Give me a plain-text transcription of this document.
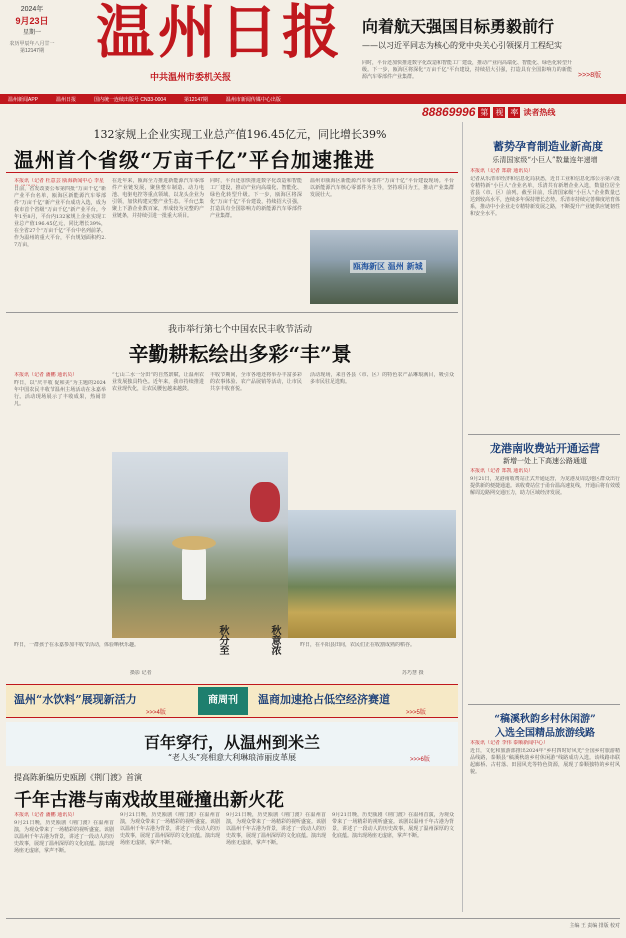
2024年
9月23日
星期一
农历甲辰年八月廿一
第12147期 温州日报
中共温州市委机关报
向着航天强国目标勇毅前行
——以习近平同志为核心的党中央关心引领探月工程纪实
同时，平台还加快推进数字化改造和智能工厂建设，推动产业向高端化、智能化、绿色化转型升级。下一步，瓯海区将深化“万亩千亿”平台建设，持续招大引强，打造具有全国影响力的新能源汽车零部件产业集群。	>>>8版
温州新闻APP	温州日报	国内统一连续出版号 CN33-0004	第12147期	温州市新闻传媒中心出版
88869996 第 视 率 读者热线
132家规上企业实现工业总产值196.45亿元，同比增长39%
温州首个省级“万亩千亿”平台加速推进
本报讯（记者 杜意芸 瓯海新闻中心 李星
日前，省发改委公布第四批“万亩千亿”新产业平台名单，瓯海区新能源汽车零部件“万亩千亿”新产业平台成功入选，成为我市首个省级“万亩千亿”新产业平台。今年1至8月，平台内132家规上企业实现工业总产值196.45亿元，同比增长39%，在全省27个“万亩千亿”平台中名列前茅。作为温州的重大平台，平台规划面积约2.7万亩，
在近年来，瓯海全力推进新能源汽车零部件产业链发展，聚焦整车制造、动力电池、电驱电控等重点领域，以龙头企业为引领，加快构建完整产业生态。平台已集聚上下游企业数百家，形成较为完整的产业链条，并持续引进一批重大项目。
同时，平台还加快推进数字化改造和智能工厂建设，推动产业向高端化、智能化、绿色化转型升级。下一步，瓯海区将深化“万亩千亿”平台建设，持续招大引强，打造具有全国影响力的新能源汽车零部件产业集群。
温州市瓯海区新能源汽车零部件“万亩千亿”平台建设现场。平台以新能源汽车核心零部件为主导，坚持项目为王，推动产业集群发展壮大。
瓯海新区 温州 新城
蓄势孕育制造业新高度
乐清国家级“小巨人”数量连年递增
本报讯（记者 郑蔚 通讯员）
记者从乐清市经济和信息化局获悉，近日工业和信息化部公示第六批专精特新“小巨人”企业名单，乐清共有新增企业入选，数量位居全省县（市、区）前列。截至目前，乐清国家级“小巨人”企业数量已达到较高水平，连续多年保持增长态势。乐清市持续完善梯度培育体系，推动中小企业走专精特新发展之路，不断提升产业链供应链韧性和安全水平。
我市举行第七个中国农民丰收节活动
辛勤耕耘绘出多彩“丰”景
本报讯（记者 潘鹏 通讯员）
昨日，以“庆丰收 促和美”为主题的2024年中国农民丰收节温州主场活动在永嘉举行。活动现场展示了丰收成果，热闹非凡。
“七山二水一分田”的自然禀赋，让温州农业发展独具特色。近年来，我市持续推进农业现代化，让农民腰包越来越鼓。
丰收节期间，全市各地还将举办丰富多彩的农事体验、农产品展销等活动，让市民共享丰收喜悦。
活动现场，来自各县（市、区）的特色农产品琳琅满目，吸引众多市民驻足选购。
秋分至	秋意浓
昨日，一群孩子在永嘉参加丰收节活动，体验晒秋乐趣。
摄影 记者
昨日，在平阳县田间，农民们正在收割成熟的稻谷。
苏巧慧 摄
龙港南收费站开通运营
新增一处上下高速公路通道
本报讯（记者 郑凯 通讯员）
9月21日，龙港南收费站正式开通运营，为龙港及周边地区群众出行提供新的便捷通道。该收费站位于甬台温高速复线，开通后将有效缓解周边路网交通压力，助力区域经济发展。
温州“水饮料”展现新活力
>>>4版
商周刊	温商加速抢占低空经济赛道
>>>5版
百年穿行，从温州到米兰
“老人头”亮相意大利琳琅沛丽皮革展	>>>6版
“稿溪秋韵乡村休闲游”
入选全国精品旅游线路
本报讯（记者 李伟 泰顺新闻中心）
近日，文化和旅游部推出2024年“乡村四时好风光”全国乡村旅游精品线路，泰顺县“稿溪秋韵乡村休闲游”线路成功入选。该线路串联起廊桥、古村落、田园风光等特色资源，展现了泰顺独特的乡村风貌。
提高陈新编历史瓯剧《荆门渡》首演
千年古港与南戏故里碰撞出新火花
本报讯（记者 潘鹏 通讯员）
9月21日晚，历史瓯剧《荆门渡》在温州首演，为观众带来了一场精彩的视听盛宴。该剧以温州千年古港为背景，讲述了一段动人的历史故事，展现了温州深厚的文化底蕴。演出现场座无虚席，掌声不断。
9月21日晚，历史瓯剧《荆门渡》在温州首演，为观众带来了一场精彩的视听盛宴。该剧以温州千年古港为背景，讲述了一段动人的历史故事，展现了温州深厚的文化底蕴。演出现场座无虚席，掌声不断。
9月21日晚，历史瓯剧《荆门渡》在温州首演，为观众带来了一场精彩的视听盛宴。该剧以温州千年古港为背景，讲述了一段动人的历史故事，展现了温州深厚的文化底蕴。演出现场座无虚席，掌声不断。
9月21日晚，历史瓯剧《荆门渡》在温州首演，为观众带来了一场精彩的视听盛宴。该剧以温州千年古港为背景，讲述了一段动人的历史故事，展现了温州深厚的文化底蕴。演出现场座无虚席，掌声不断。
主编 王 责编 排版 校对
